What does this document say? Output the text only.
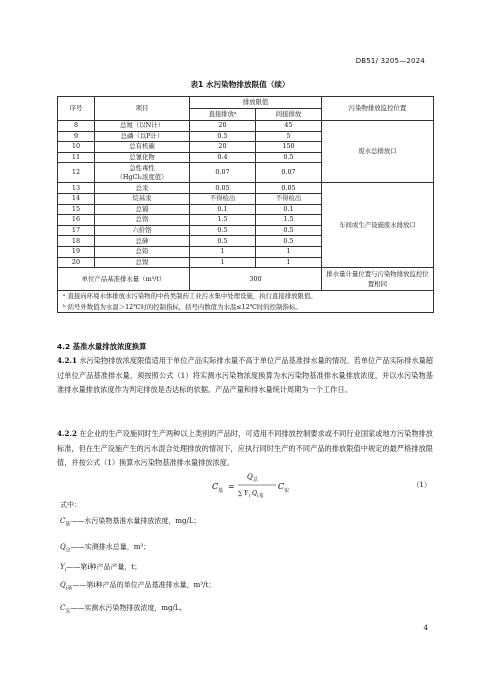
DB51/ 3205—2024
表1 水污染物排放限值（续）
序号	项目	排放限值		污染物排放监控位置
		直接排放ᵃ	间接排放	
8	总氮（以N计）	20	45	废水总排放口
9	总磷（以P计）	0.5	5	
10	总有机碳	20	150	
11	总氰化物	0.4	0.5	
12	急性毒性
（HgCl₂浓度值）	0.07	0.07	
13	总汞	0.05	0.05	车间或生产设施废水排放口
14	烷基汞	不得检出	不得检出	
15	总镉	0.1	0.1	
16	总铬	1.5	1.5	
17	六价铬	0.5	0.5	
18	总砷	0.5	0.5	
19	总铅	1	1	
20	总镍	1	1	
单位产品基准排水量（m³/t）		300		排水量计量位置与污染物排放监控位置相同
ᵃ 直接向环境水体排放水污染物的中药类制药工业污水集中处理设施，执行直接排放限值。				
ᵇ 括号外数值为水温＞12℃时的控制指标，括号内数值为水温≤12℃时的控制指标。				
4.2 基准水量排放浓度换算
4.2.1 水污染物排放浓度限值适用于单位产品实际排水量不高于单位产品基准排水量的情况。若单位产品实际排水量超过单位产品基准排水量，须按照公式（1）将实测水污染物浓度换算为水污染物基准排水量排放浓度，并以水污染物基准排水量排放浓度作为判定排放是否达标的依据。产品产量和排水量统计周期为一个工作日。
4.2.2 在企业的生产设施同时生产两种以上类别的产品时，可适用不同排放控制要求或不同行业国家或地方污染物排放标准，但在生产设施产生的污水混合处理排放的情况下，应执行同时生产的不同产品的排放限值中规定的最严格排放限值，并按公式（1）换算水污染物基准排水量排放浓度。
C 基 =
Q 总
∑ Y i Q i 基
C 实
（1）
式中：
$C_基——$水污染物基准水量排放浓度，mg/L；
$Q_总——$实测排水总量，m³；
$Y_i——$第i种产品产量，t；
$Q_{i基}——$第i种产品的单位产品基准排水量，m³/t；
$C_实——$实测水污染物排放浓度，mg/L。
4
